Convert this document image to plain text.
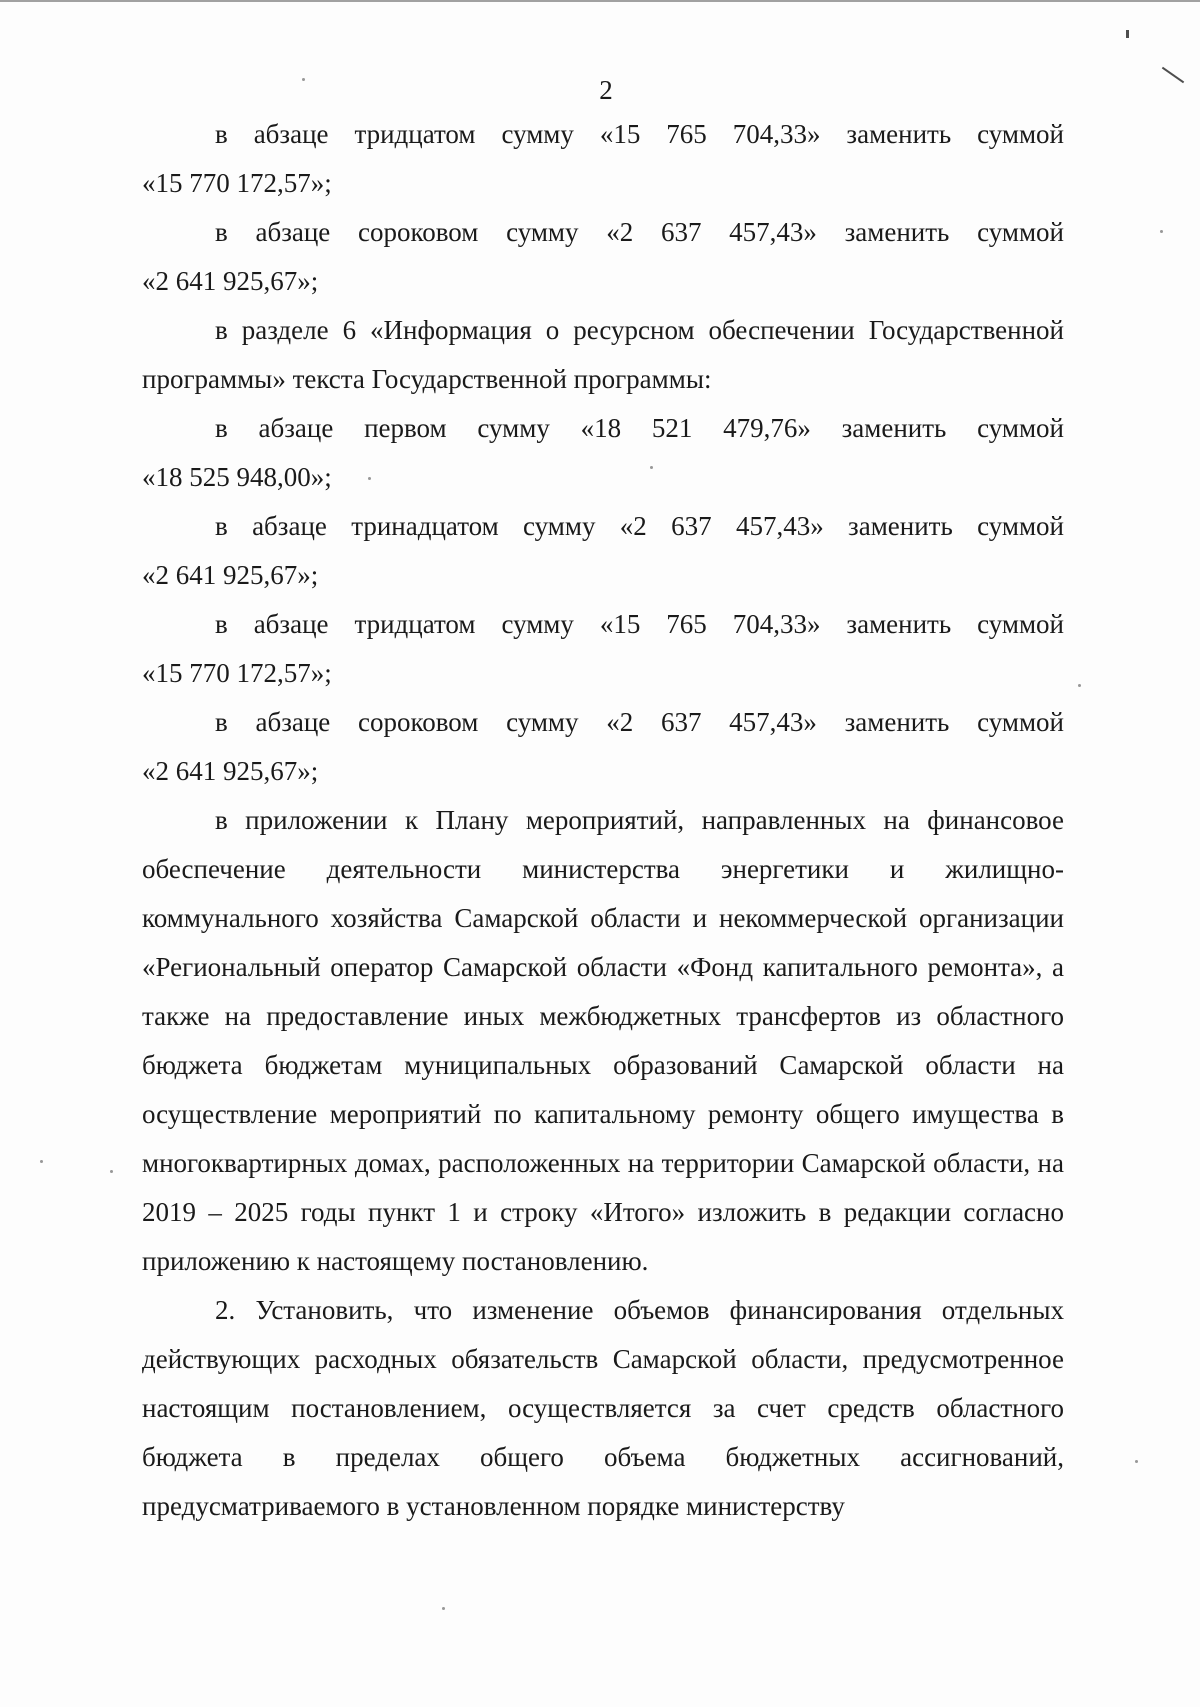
2
в абзаце тридцатом сумму «15 765 704,33» заменить суммой
«15 770 172,57»;
в абзаце сороковом сумму «2 637 457,43» заменить суммой
«2 641 925,67»;
в разделе 6 «Информация о ресурсном обеспечении Государственной
программы» текста Государственной программы:
в абзаце первом сумму «18 521 479,76» заменить суммой
«18 525 948,00»;
в абзаце тринадцатом сумму «2 637 457,43» заменить суммой
«2 641 925,67»;
в абзаце тридцатом сумму «15 765 704,33» заменить суммой
«15 770 172,57»;
в абзаце сороковом сумму «2 637 457,43» заменить суммой
«2 641 925,67»;

в приложении к Плану мероприятий, направленных на финансовое обеспечение деятельности министерства энергетики и жилищно-коммунального хозяйства Самарской области и некоммерческой организации «Региональный оператор Самарской области «Фонд капитального ремонта», а также на предоставление иных межбюджетных трансфертов из областного бюджета бюджетам муниципальных образований Самарской области на осуществление мероприятий по капитальному ремонту общего имущества в многоквартирных домах, расположенных на территории Самарской области, на 2019 – 2025 годы пункт 1 и строку «Итого» изложить в редакции согласно приложению к настоящему постановлению.

2. Установить, что изменение объемов финансирования отдельных действующих расходных обязательств Самарской области, предусмотренное настоящим постановлением, осуществляется за счет средств областного бюджета в пределах общего объема бюджетных ассигнований, предусматриваемого в установленном порядке министерству
